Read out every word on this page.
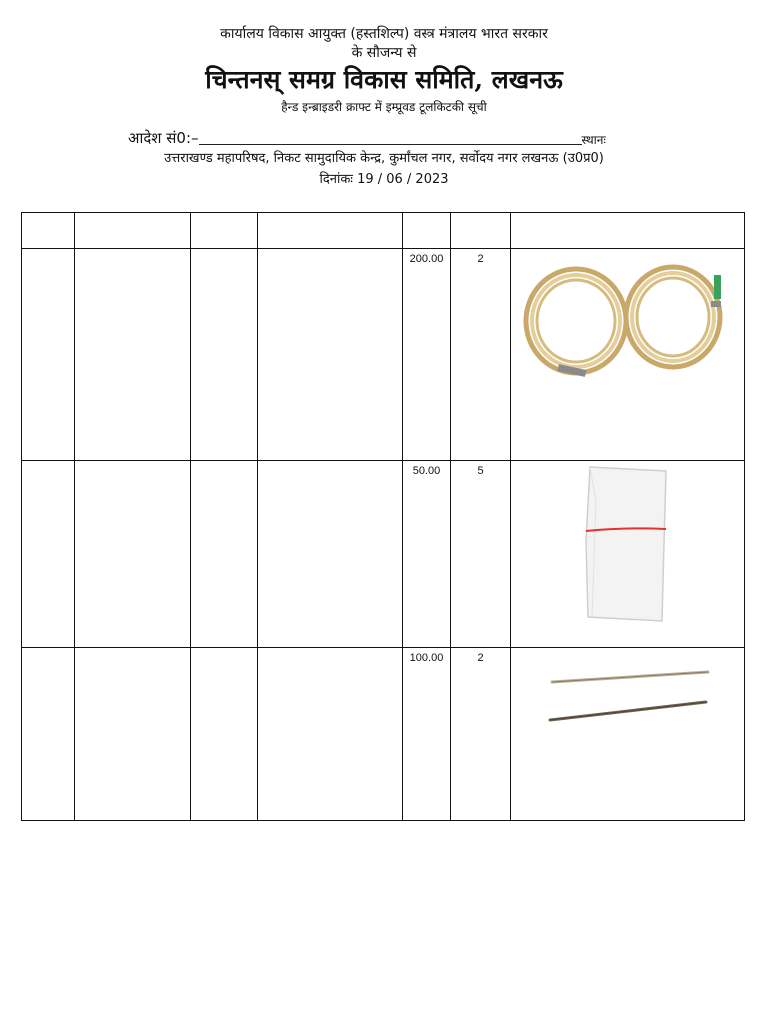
कार्यालय विकास आयुक्त (हस्तशिल्प) वस्त्र मंत्रालय भारत सरकार
के सौजन्य से
चिन्तनस् समग्र विकास समिति, लखनऊ
हैन्ड इन्ब्राइडरी क्राफ्ट में इम्प्रूवड टूलकिटकी सूची
आदेश सं0:–	स्थानः
उत्तराखण्ड महापरिषद, निकट सामुदायिक केन्द्र, कुर्मांचल नगर, सर्वोदय नगर लखनऊ (उ0प्र0)
दिनांकः 19 / 06 / 2023

				200.00	2	

				50.00	5	

				100.00	2	
